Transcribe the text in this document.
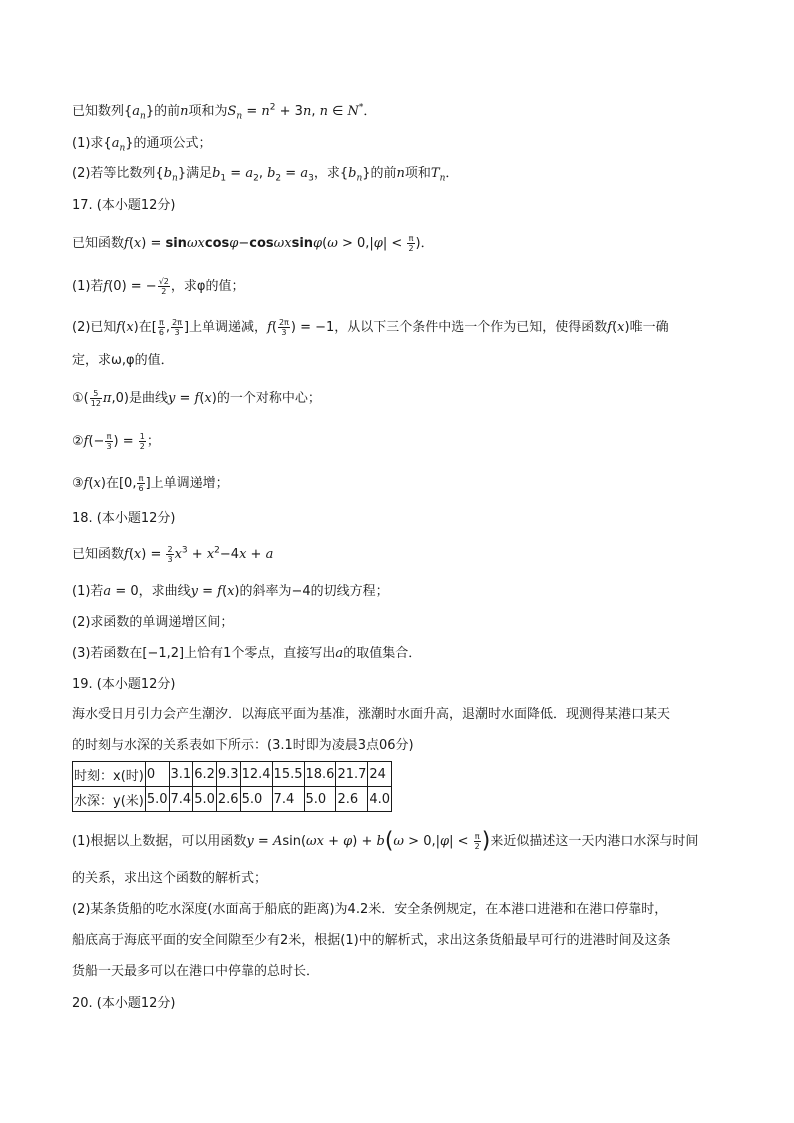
已知数列$\{a_n\}$的前n项和为$S_n = n^2 + 3n$, n ∈ N*．
(1)求$\{a_n\}$的通项公式；
(2)若等比数列$\{b_n\}$满足$b_1 = a_2$, $b_2 = a_3$，求$\{b_n\}$的前n项和$T_n$．
17. (本小题12分)
已知函数$f(x) = \sin\omega xcos\varphi-\cos\omega xsin\varphi(\omega > 0,|\varphi| < \frac{\pi}{2}$ )．
(1)若f(0) = − $\frac{√2}{2}$ ，求φ的值；
(2)已知f(x)在[ $\frac{\pi}{6}$ , $\frac{2\pi}{3}$ ]上单调递减，$f( \frac{2\pi}{3}$ ) = −1，从以下三个条件中选一个作为已知，使得函数f(x)唯一确
定，求ω,φ的值．
①( $\frac{5}{12} \pi,0$)是曲线y = f(x)的一个对称中心；
②f(− $\frac{\pi}{3}$ ) = $\frac{1}{2}$ ；
③f(x)在[0, $\frac{\pi}{6}$ ]上单调递增；
18. (本小题12分)
已知函数$f(x) = \frac{2}{3} x^3 + x^2-4x + a$
(1)若a = 0，求曲线y = f(x)的斜率为−4的切线方程；
(2)求函数的单调递增区间；
(3)若函数在[−1,2]上恰有1个零点，直接写出a的取值集合．
19. (本小题12分)
海水受日月引力会产生潮汐．以海底平面为基准，涨潮时水面升高，退潮时水面降低．现测得某港口某天
的时刻与水深的关系表如下所示：(3.1时即为凌晨3点06分)
时刻：x(时)	0	3.1	6.2	9.3	12.4	15.5	18.6	21.7	24
水深：y(米)	5.0	7.4	5.0	2.6	5.0	7.4	5.0	2.6	4.0
(1)根据以上数据，可以用函数$y = Asin(\omega x + \varphi) + b(\omega > 0,|\varphi| < \frac{\pi}{2}$ )来近似描述这一天内港口水深与时间
的关系，求出这个函数的解析式；
(2)某条货船的吃水深度(水面高于船底的距离)为4.2米．安全条例规定，在本港口进港和在港口停靠时，
船底高于海底平面的安全间隙至少有2米，根据(1)中的解析式，求出这条货船最早可行的进港时间及这条
货船一天最多可以在港口中停靠的总时长．
20. (本小题12分)
